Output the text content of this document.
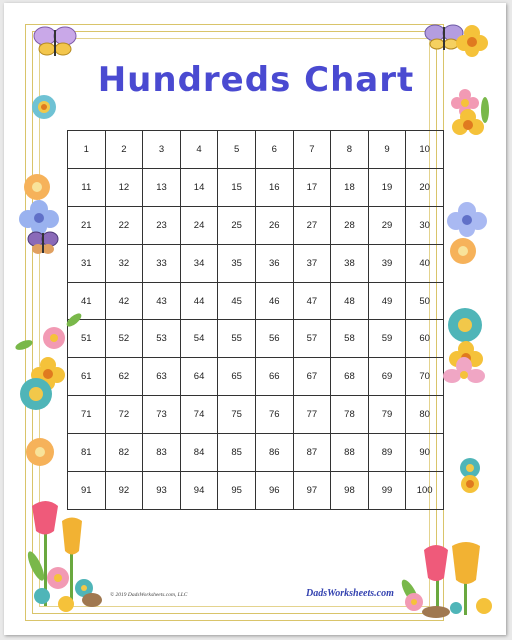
Hundreds Chart
1	2	3	4	5	6	7	8	9	10
11	12	13	14	15	16	17	18	19	20
21	22	23	24	25	26	27	28	29	30
31	32	33	34	35	36	37	38	39	40
41	42	43	44	45	46	47	48	49	50
51	52	53	54	55	56	57	58	59	60
61	62	63	64	65	66	67	68	69	70
71	72	73	74	75	76	77	78	79	80
81	82	83	84	85	86	87	88	89	90
91	92	93	94	95	96	97	98	99	100
© 2019 DadsWorksheets.com, LLC	DadsWorksheets.com
